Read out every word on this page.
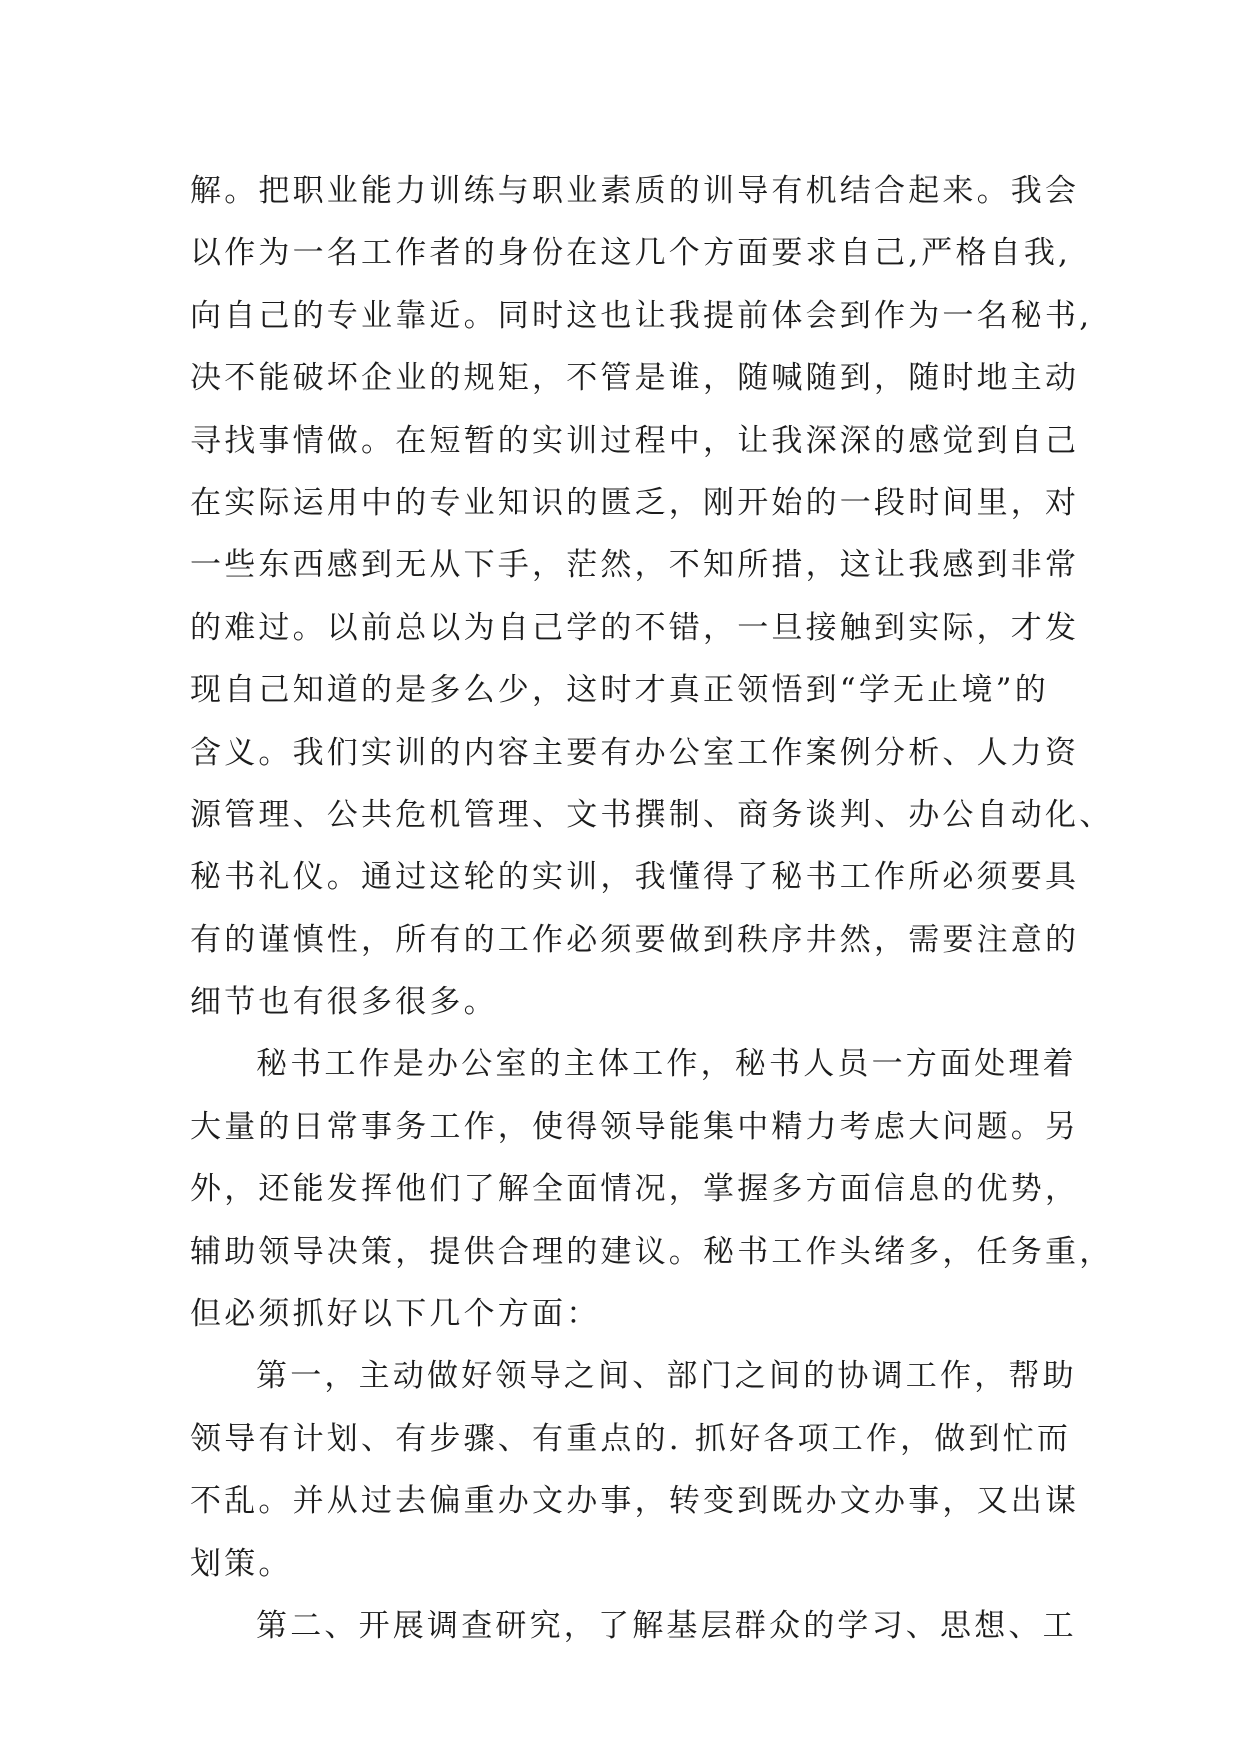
解。把职业能力训练与职业素质的训导有机结合起来。我会
以作为一名工作者的身份在这几个方面要求自己,严格自我,
向自己的专业靠近。同时这也让我提前体会到作为一名秘书,
决不能破坏企业的规矩，不管是谁，随喊随到，随时地主动
寻找事情做。在短暂的实训过程中，让我深深的感觉到自己
在实际运用中的专业知识的匮乏，刚开始的一段时间里，对
一些东西感到无从下手，茫然，不知所措，这让我感到非常
的难过。以前总以为自己学的不错，一旦接触到实际，才发
现自己知道的是多么少，这时才真正领悟到“学无止境”的
含义。我们实训的内容主要有办公室工作案例分析、人力资
源管理、公共危机管理、文书撰制、商务谈判、办公自动化、
秘书礼仪。通过这轮的实训，我懂得了秘书工作所必须要具
有的谨慎性，所有的工作必须要做到秩序井然，需要注意的
细节也有很多很多。
秘书工作是办公室的主体工作，秘书人员一方面处理着
大量的日常事务工作，使得领导能集中精力考虑大问题。另
外，还能发挥他们了解全面情况，掌握多方面信息的优势，
辅助领导决策，提供合理的建议。秘书工作头绪多，任务重，
但必须抓好以下几个方面：
第一，主动做好领导之间、部门之间的协调工作，帮助
领导有计划、有步骤、有重点的. 抓好各项工作，做到忙而
不乱。并从过去偏重办文办事，转变到既办文办事，又出谋
划策。
第二、开展调查研究，了解基层群众的学习、思想、工
